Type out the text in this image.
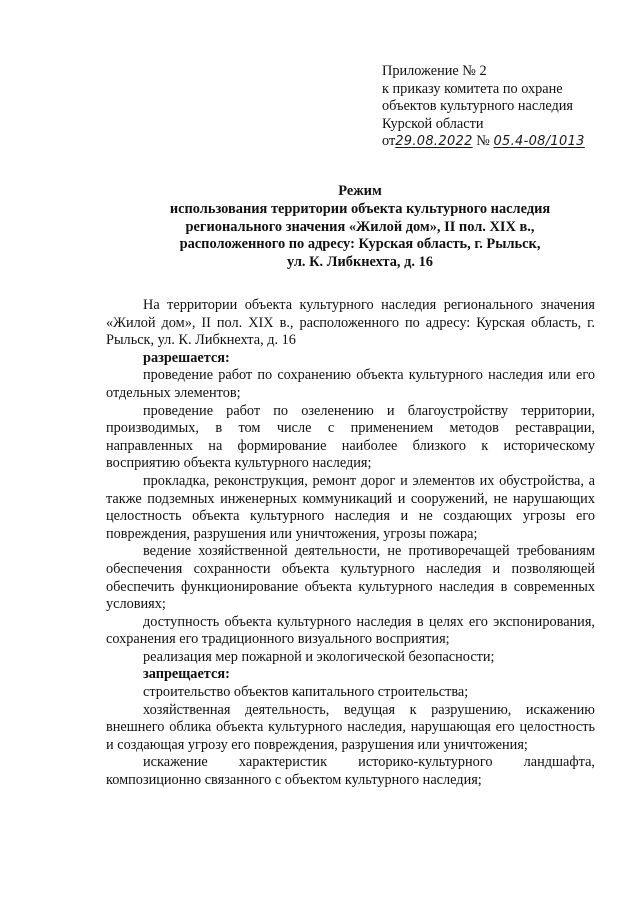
Приложение № 2
к приказу комитета по охране
объектов культурного наследия
Курской области
от29.08.2022 № 05.4-08/1013
Режим
использования территории объекта культурного наследия
регионального значения «Жилой дом», II пол. XIX в.,
расположенного по адресу: Курская область, г. Рыльск,
ул. К. Либкнехта, д. 16

На территории объекта культурного наследия регионального значения «Жилой дом», II пол. XIX в., расположенного по адресу: Курская область, г. Рыльск, ул. К. Либкнехта, д. 16

разрешается:

проведение работ по сохранению объекта культурного наследия или его отдельных элементов;

проведение работ по озеленению и благоустройству территории, производимых, в том числе с применением методов реставрации, направленных на формирование наиболее близкого к историческому восприятию объекта культурного наследия;

прокладка, реконструкция, ремонт дорог и элементов их обустройства, а также подземных инженерных коммуникаций и сооружений, не нарушающих целостность объекта культурного наследия и не создающих угрозы его повреждения, разрушения или уничтожения, угрозы пожара;

ведение хозяйственной деятельности, не противоречащей требованиям обеспечения сохранности объекта культурного наследия и позволяющей обеспечить функционирование объекта культурного наследия в современных условиях;

доступность объекта культурного наследия в целях его экспонирования, сохранения его традиционного визуального восприятия;

реализация мер пожарной и экологической безопасности;

запрещается:

строительство объектов капитального строительства;

хозяйственная деятельность, ведущая к разрушению, искажению внешнего облика объекта культурного наследия, нарушающая его целостность и создающая угрозу его повреждения, разрушения или уничтожения;

искажение характеристик историко-культурного ландшафта, композиционно связанного с объектом культурного наследия;
